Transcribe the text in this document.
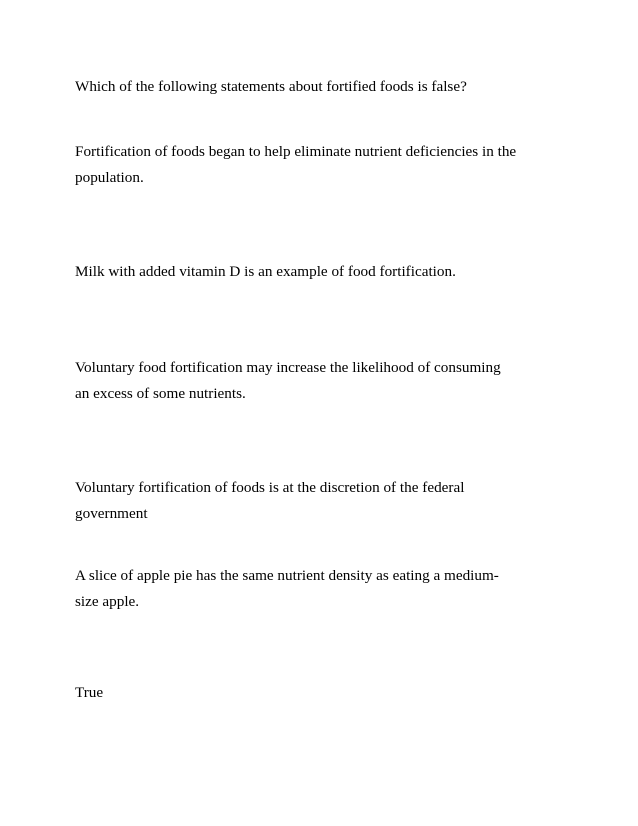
Which of the following statements about fortified foods is false?

Fortification of foods began to help eliminate nutrient deficiencies in the
population.

Milk with added vitamin D is an example of food fortification.

Voluntary food fortification may increase the likelihood of consuming
an excess of some nutrients.

Voluntary fortification of foods is at the discretion of the federal
government

A slice of apple pie has the same nutrient density as eating a medium-
size apple.

True
